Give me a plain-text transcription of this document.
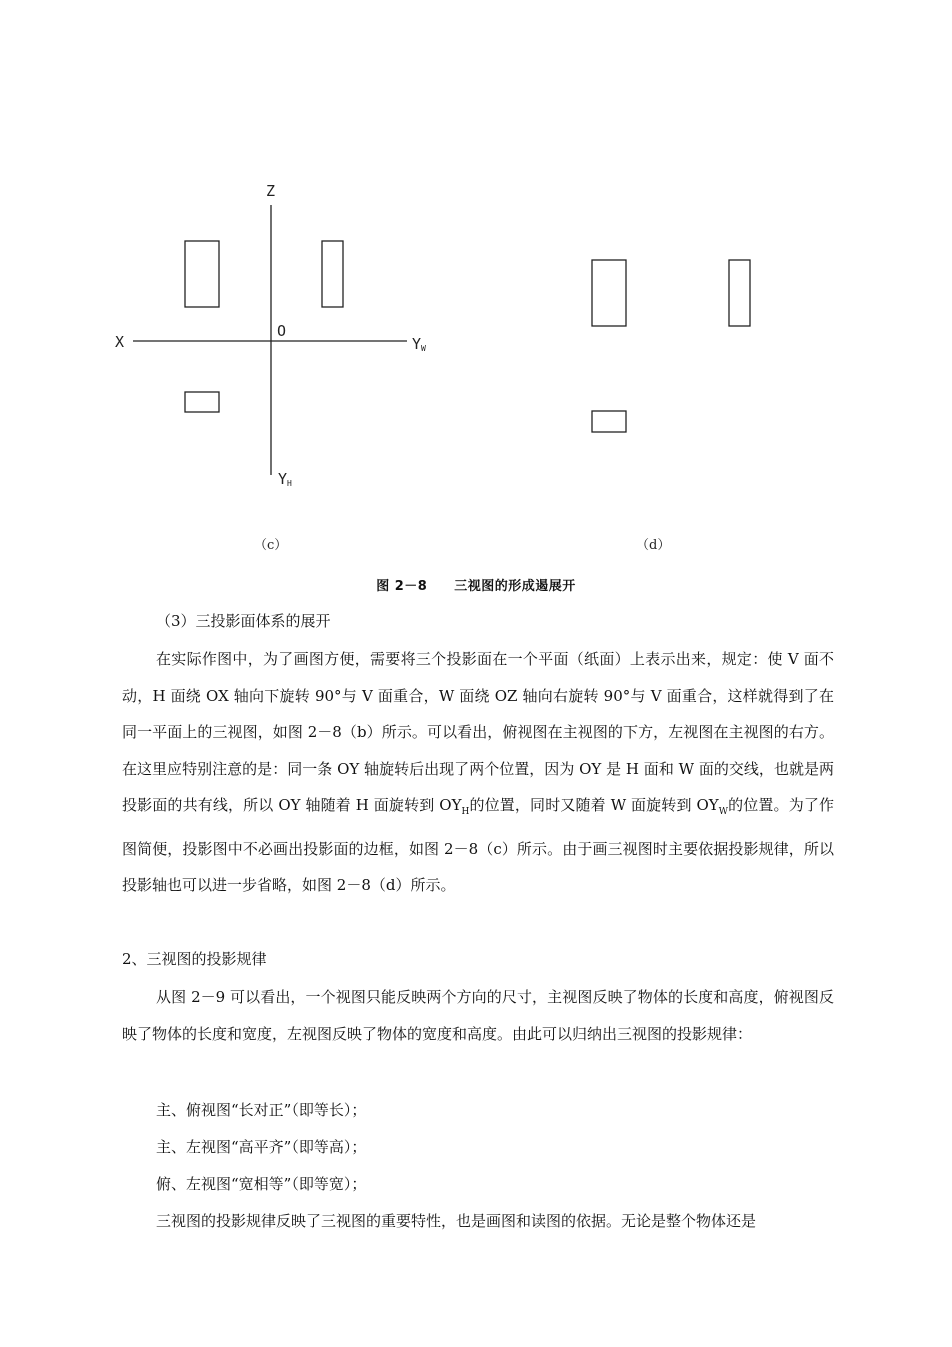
Z
O
X	$Y_W$
$Y_H$
（c）	（d）
图 2－8　　三视图的形成遏展开
（3）三投影面体系的展开
在实际作图中，为了画图方便，需要将三个投影面在一个平面（纸面）上表示出来，规定：使 V 面不动，H 面绕 OX 轴向下旋转 90°与 V 面重合，W 面绕 OZ 轴向右旋转 90°与 V 面重合，这样就得到了在同一平面上的三视图，如图 2－8（b）所示。可以看出，俯视图在主视图的下方，左视图在主视图的右方。在这里应特别注意的是：同一条 OY 轴旋转后出现了两个位置，因为 OY 是 H 面和 W 面的交线，也就是两投影面的共有线，所以 OY 轴随着 H 面旋转到 $OY_H$的位置，同时又随着 W 面旋转到 $OY_W$的位置。为了作图简便，投影图中不必画出投影面的边框，如图 2－8（c）所示。由于画三视图时主要依据投影规律，所以投影轴也可以进一步省略，如图 2－8（d）所示。
2、三视图的投影规律
从图 2－9 可以看出，一个视图只能反映两个方向的尺寸，主视图反映了物体的长度和高度，俯视图反映了物体的长度和宽度，左视图反映了物体的宽度和高度。由此可以归纳出三视图的投影规律：
主、俯视图“长对正”（即等长）；
主、左视图“高平齐”（即等高）；
俯、左视图“宽相等”（即等宽）；
三视图的投影规律反映了三视图的重要特性，也是画图和读图的依据。无论是整个物体还是
